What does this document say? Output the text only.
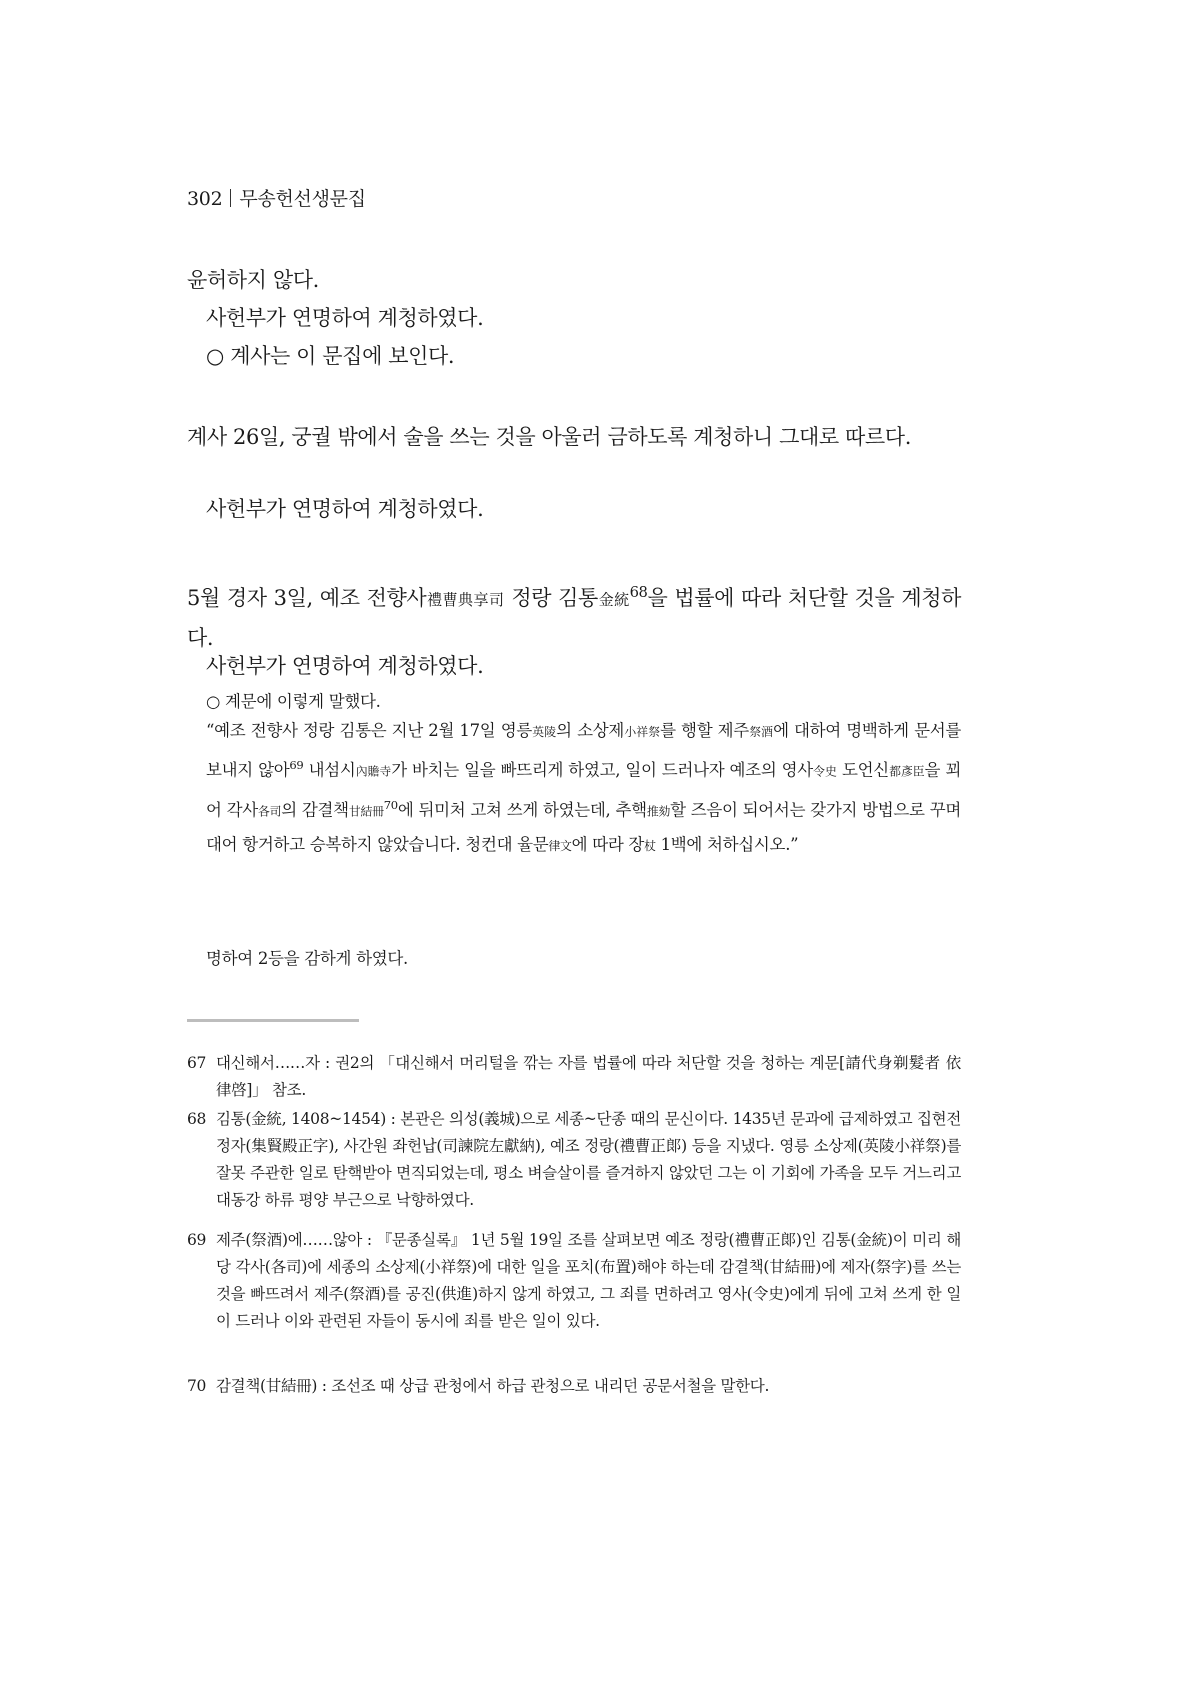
302 무송헌선생문집
윤허하지 않다.
사헌부가 연명하여 계청하였다.
○ 계사는 이 문집에 보인다.
계사 26일, 궁궐 밖에서 술을 쓰는 것을 아울러 금하도록 계청하니 그대로 따르다.
사헌부가 연명하여 계청하였다.
5월 경자 3일, 예조 전향사禮曹典享司 정랑 김통金統$^{68}$을 법률에 따라 처단할 것을 계청하다.
사헌부가 연명하여 계청하였다.
○ 계문에 이렇게 말했다.
“예조 전향사 정랑 김통은 지난 2월 17일 영릉英陵의 소상제小祥祭를 행할 제주祭酒에 대하여 명백하게 문서를 보내지 않아$^{69}$ 내섬시內贍寺가 바치는 일을 빠뜨리게 하였고, 일이 드러나자 예조의 영사令史 도언신都彥臣을 꾀어 각사各司의 감결책甘結冊$^{70}$에 뒤미처 고쳐 쓰게 하였는데, 추핵推劾할 즈음이 되어서는 갖가지 방법으로 꾸며 대어 항거하고 승복하지 않았습니다. 청컨대 율문律文에 따라 장杖 1백에 처하십시오.”
명하여 2등을 감하게 하였다.
67 대신해서……자 : 권2의 「대신해서 머리털을 깎는 자를 법률에 따라 처단할 것을 청하는 계문[請代身剃髮者 依律啓]」 참조.
68 김통(金統, 1408~1454) : 본관은 의성(義城)으로 세종~단종 때의 문신이다. 1435년 문과에 급제하였고 집현전 정자(集賢殿正字), 사간원 좌헌납(司諫院左獻納), 예조 정랑(禮曹正郞) 등을 지냈다. 영릉 소상제(英陵小祥祭)를 잘못 주관한 일로 탄핵받아 면직되었는데, 평소 벼슬살이를 즐겨하지 않았던 그는 이 기회에 가족을 모두 거느리고 대동강 하류 평양 부근으로 낙향하였다.
69 제주(祭酒)에……않아 : 『문종실록』 1년 5월 19일 조를 살펴보면 예조 정랑(禮曹正郞)인 김통(金統)이 미리 해당 각사(各司)에 세종의 소상제(小祥祭)에 대한 일을 포치(布置)해야 하는데 감결책(甘結冊)에 제자(祭字)를 쓰는 것을 빠뜨려서 제주(祭酒)를 공진(供進)하지 않게 하였고, 그 죄를 면하려고 영사(令史)에게 뒤에 고쳐 쓰게 한 일이 드러나 이와 관련된 자들이 동시에 죄를 받은 일이 있다.
70 감결책(甘結冊) : 조선조 때 상급 관청에서 하급 관청으로 내리던 공문서철을 말한다.
